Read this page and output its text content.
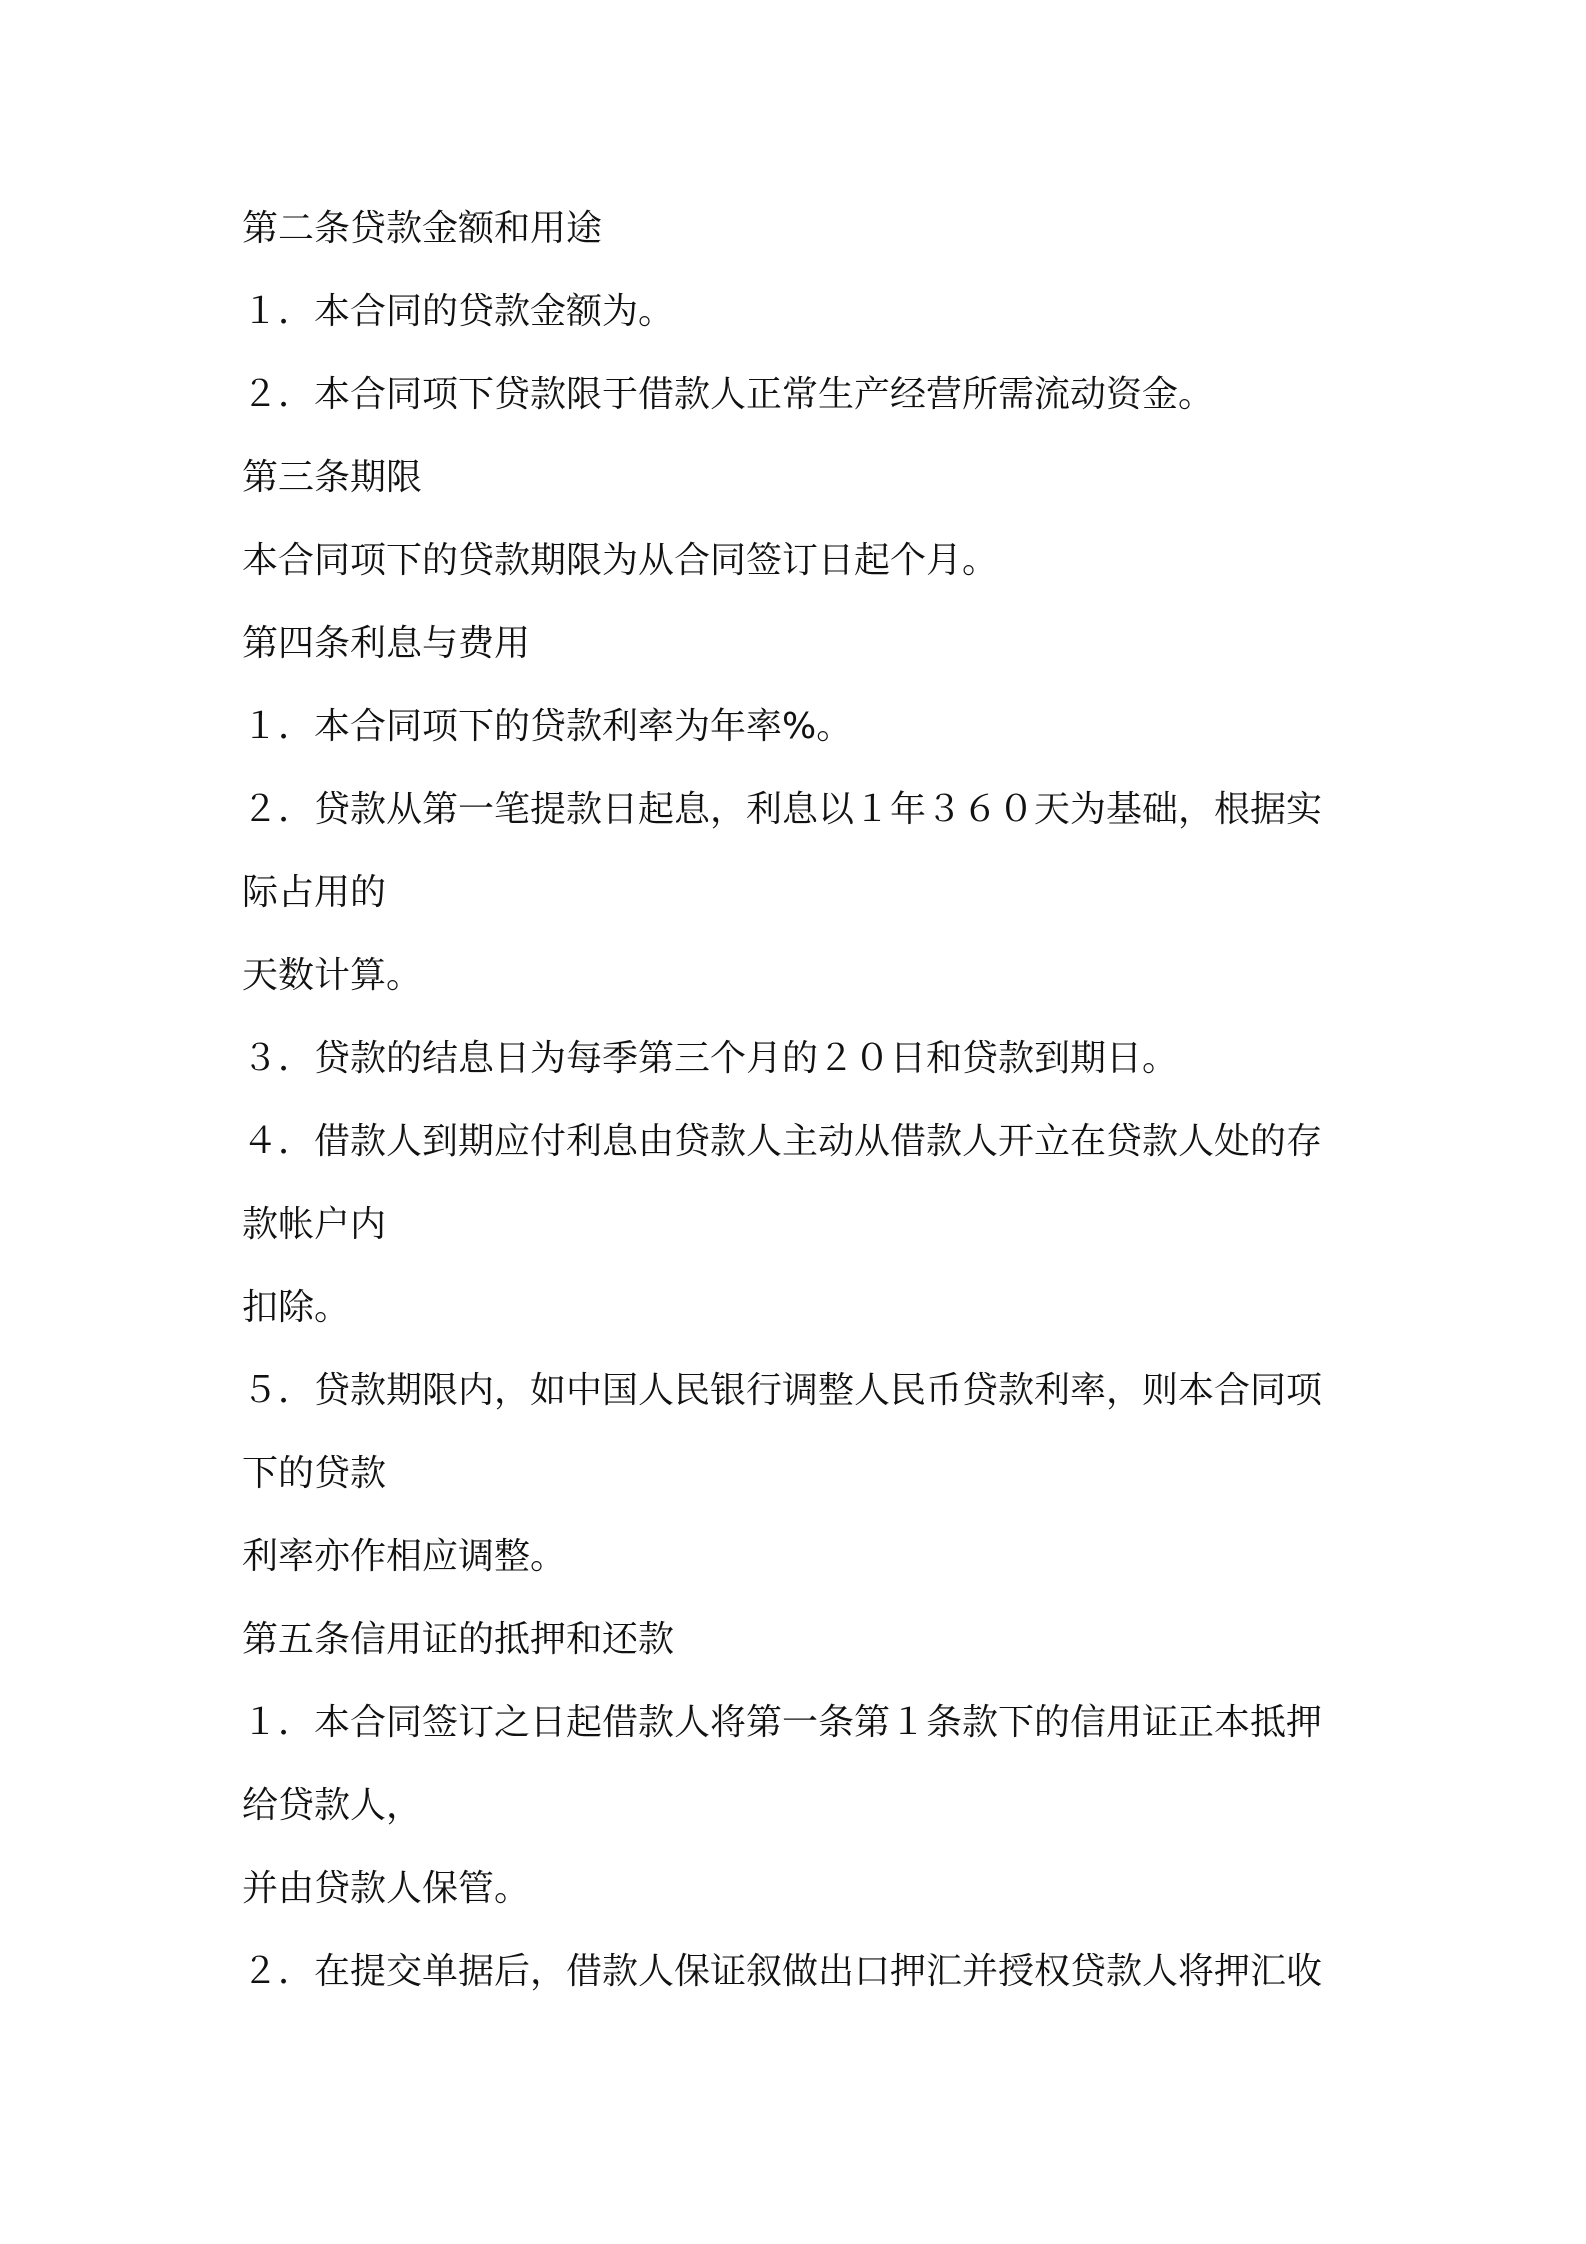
第二条贷款金额和用途
１．本合同的贷款金额为。
２．本合同项下贷款限于借款人正常生产经营所需流动资金。
第三条期限
本合同项下的贷款期限为从合同签订日起个月。
第四条利息与费用
１．本合同项下的贷款利率为年率%。
２．贷款从第一笔提款日起息，利息以１年３６０天为基础，根据实
际占用的
天数计算。
３．贷款的结息日为每季第三个月的２０日和贷款到期日。
４．借款人到期应付利息由贷款人主动从借款人开立在贷款人处的存
款帐户内
扣除。
５．贷款期限内，如中国人民银行调整人民币贷款利率，则本合同项
下的贷款
利率亦作相应调整。
第五条信用证的抵押和还款
１．本合同签订之日起借款人将第一条第１条款下的信用证正本抵押
给贷款人，
并由贷款人保管。
２．在提交单据后，借款人保证叙做出口押汇并授权贷款人将押汇收
